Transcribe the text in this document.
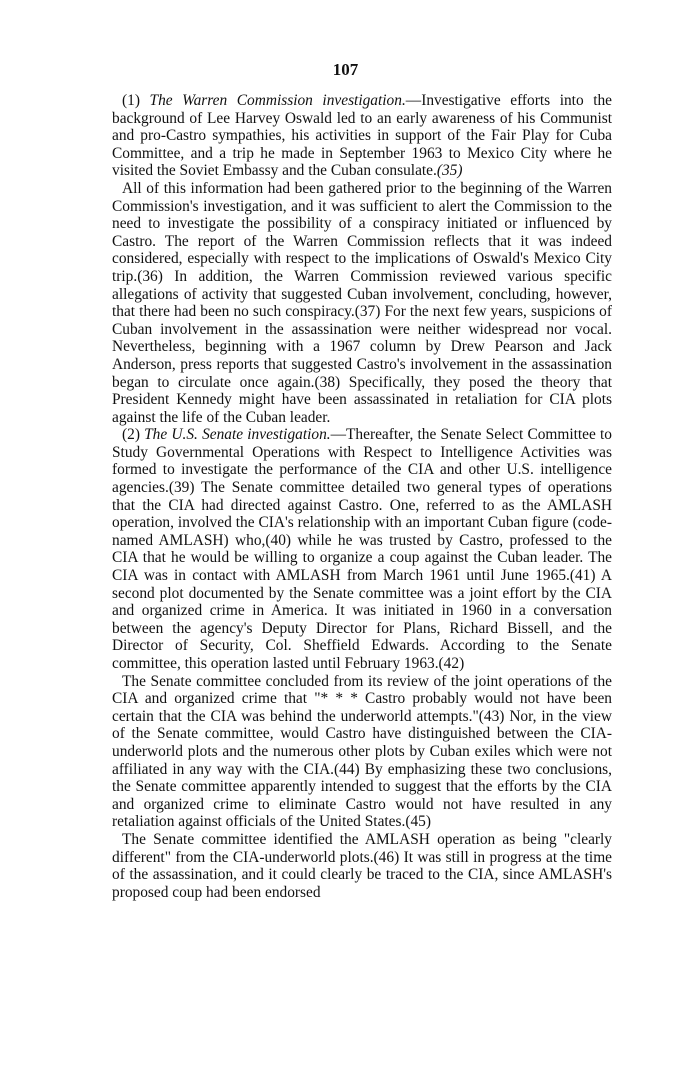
107

(1) The Warren Commission investigation.—Investigative efforts into the background of Lee Harvey Oswald led to an early awareness of his Communist and pro-Castro sympathies, his activities in support of the Fair Play for Cuba Committee, and a trip he made in September 1963 to Mexico City where he visited the Soviet Embassy and the Cuban consulate.(35)

All of this information had been gathered prior to the beginning of the Warren Commission's investigation, and it was sufficient to alert the Commission to the need to investigate the possibility of a conspiracy initiated or influenced by Castro. The report of the Warren Commission reflects that it was indeed considered, especially with respect to the implications of Oswald's Mexico City trip.(36) In addition, the Warren Commission reviewed various specific allegations of activity that suggested Cuban involvement, concluding, however, that there had been no such conspiracy.(37) For the next few years, suspicions of Cuban involvement in the assassination were neither widespread nor vocal. Nevertheless, beginning with a 1967 column by Drew Pearson and Jack Anderson, press reports that suggested Castro's involvement in the assassination began to circulate once again.(38) Specifically, they posed the theory that President Kennedy might have been assassinated in retaliation for CIA plots against the life of the Cuban leader.

(2) The U.S. Senate investigation.—Thereafter, the Senate Select Committee to Study Governmental Operations with Respect to Intelligence Activities was formed to investigate the performance of the CIA and other U.S. intelligence agencies.(39) The Senate committee detailed two general types of operations that the CIA had directed against Castro. One, referred to as the AMLASH operation, involved the CIA's relationship with an important Cuban figure (code-named AMLASH) who,(40) while he was trusted by Castro, professed to the CIA that he would be willing to organize a coup against the Cuban leader. The CIA was in contact with AMLASH from March 1961 until June 1965.(41) A second plot documented by the Senate committee was a joint effort by the CIA and organized crime in America. It was initiated in 1960 in a conversation between the agency's Deputy Director for Plans, Richard Bissell, and the Director of Security, Col. Sheffield Edwards. According to the Senate committee, this operation lasted until February 1963.(42)

The Senate committee concluded from its review of the joint operations of the CIA and organized crime that "* * * Castro probably would not have been certain that the CIA was behind the underworld attempts."(43) Nor, in the view of the Senate committee, would Castro have distinguished between the CIA-underworld plots and the numerous other plots by Cuban exiles which were not affiliated in any way with the CIA.(44) By emphasizing these two conclusions, the Senate committee apparently intended to suggest that the efforts by the CIA and organized crime to eliminate Castro would not have resulted in any retaliation against officials of the United States.(45)

The Senate committee identified the AMLASH operation as being "clearly different" from the CIA-underworld plots.(46) It was still in progress at the time of the assassination, and it could clearly be traced to the CIA, since AMLASH's proposed coup had been endorsed
